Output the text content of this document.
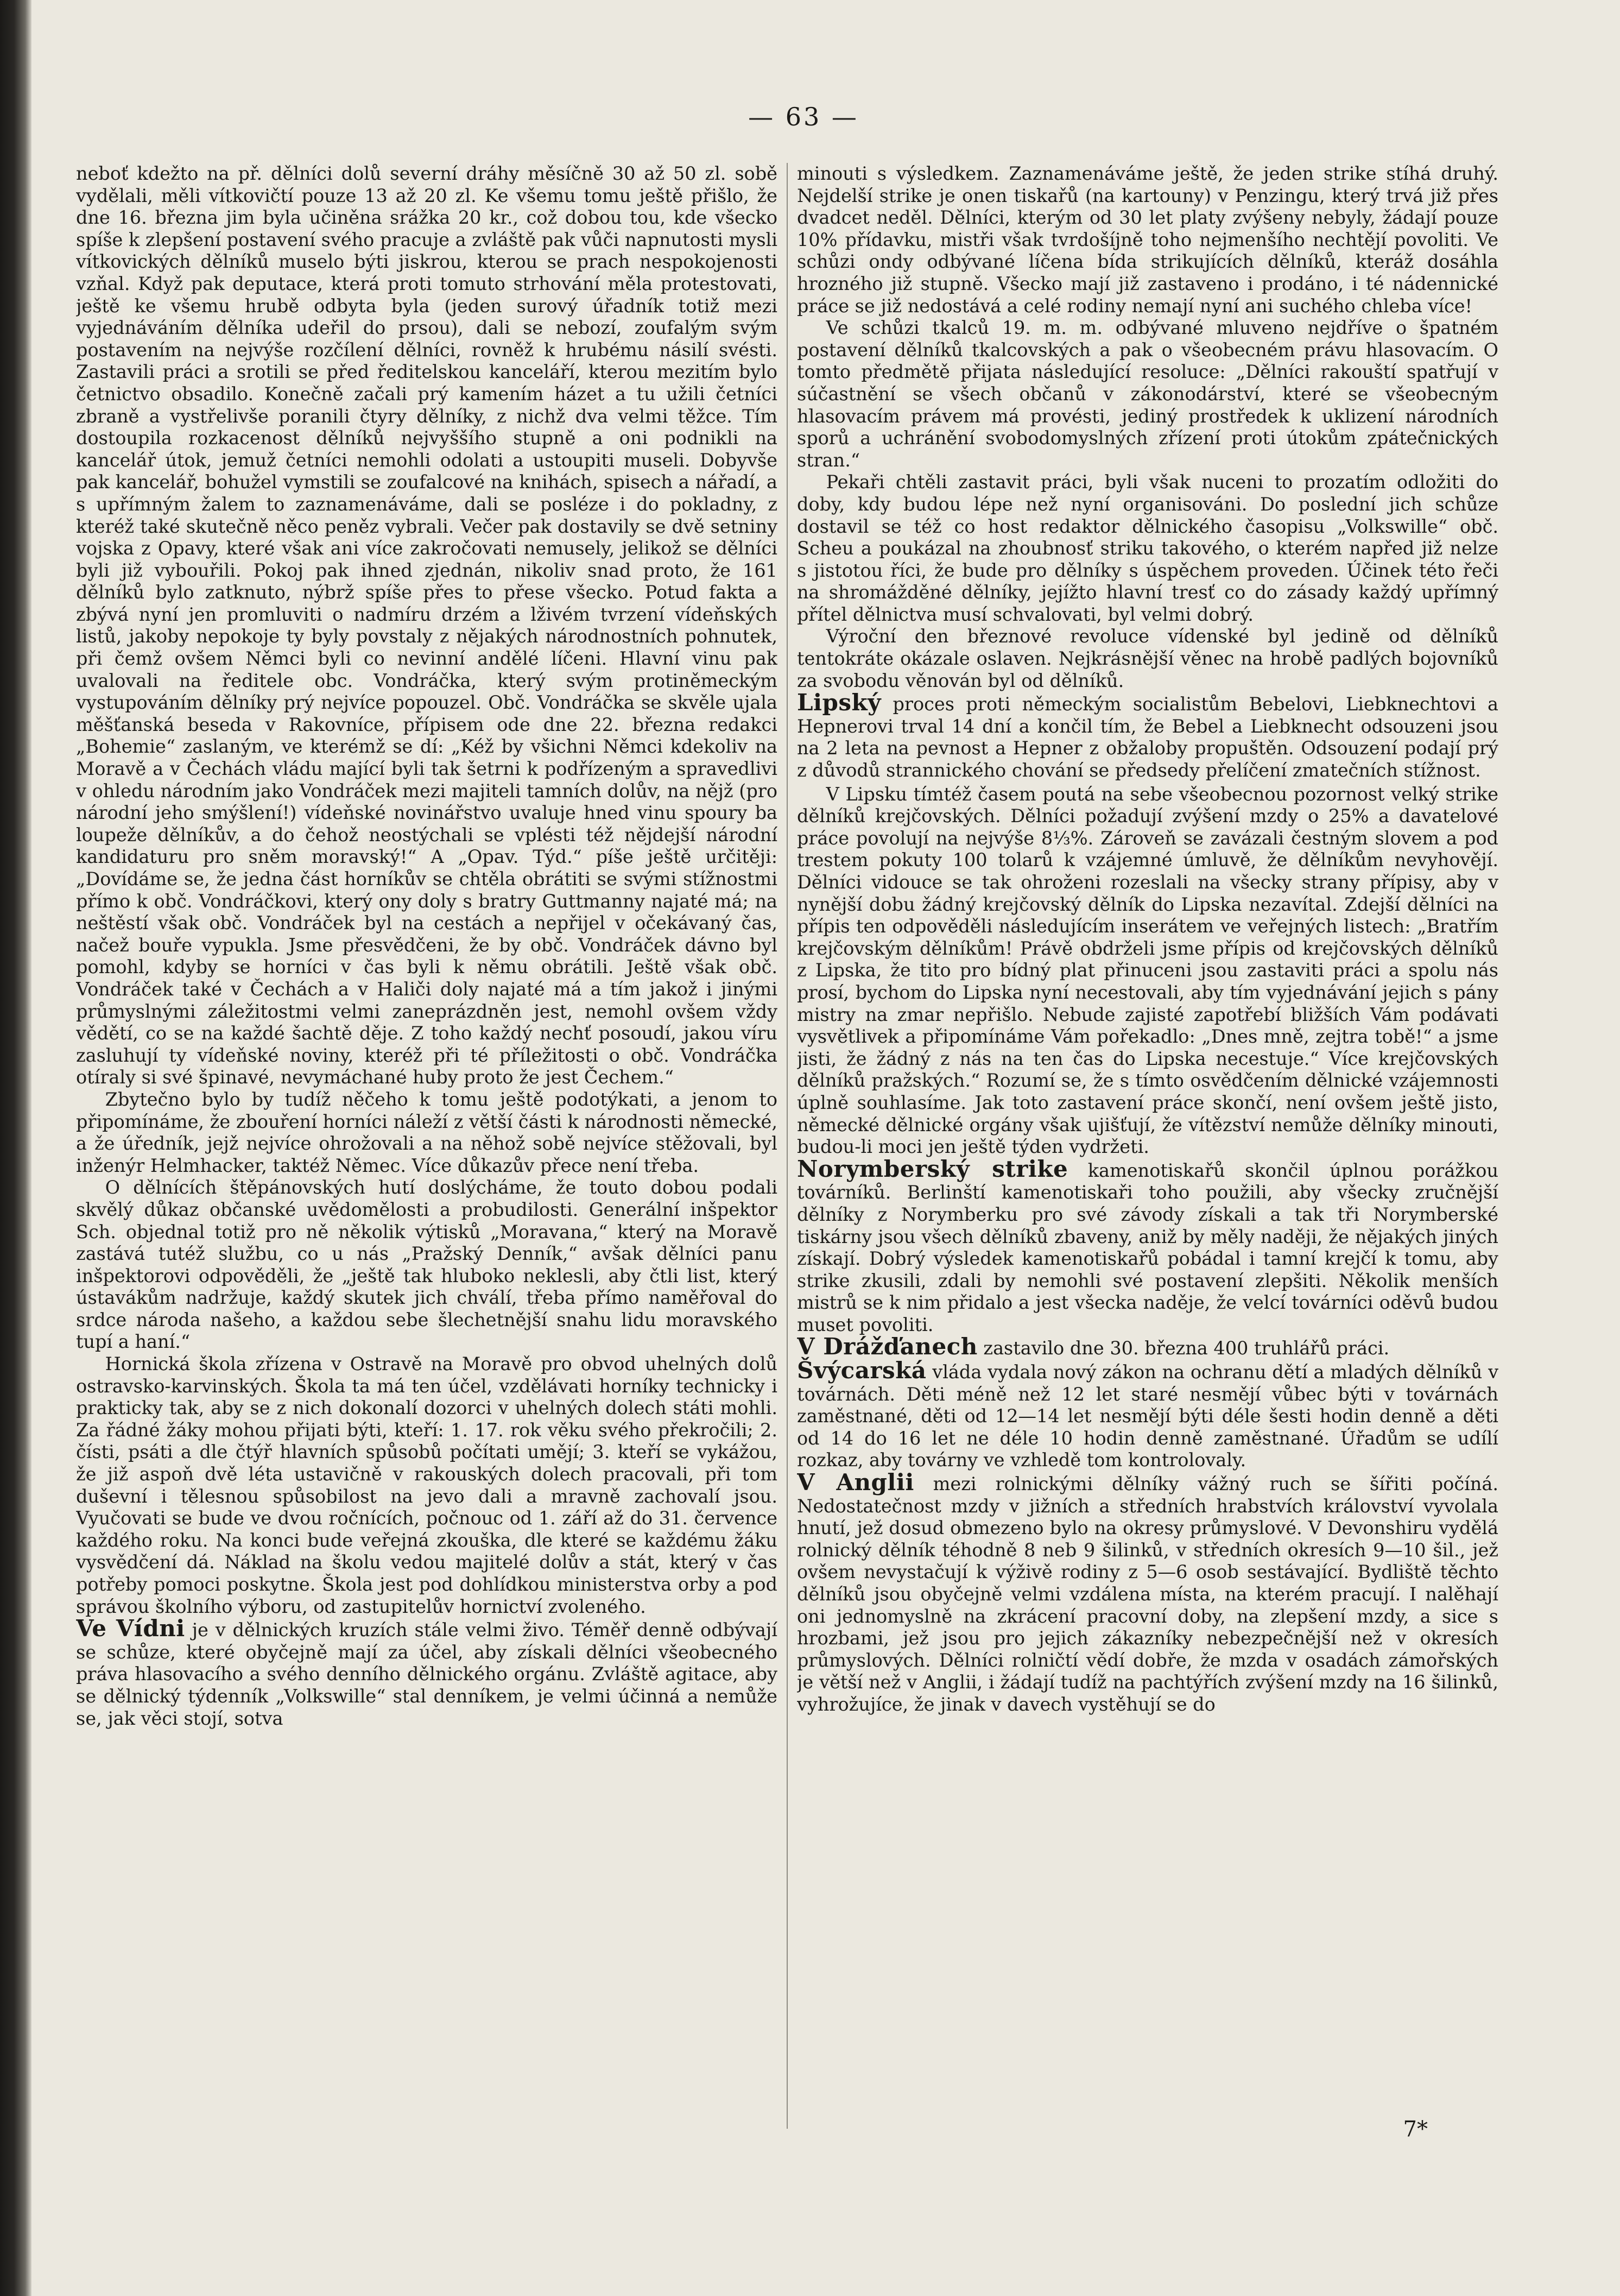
— 63 —

neboť kdežto na př. dělníci dolů severní dráhy měsíčně 30 až 50 zl. sobě vydělali, měli vítkovičtí pouze 13 až 20 zl. Ke všemu tomu ještě přišlo, že dne 16. března jim byla učiněna srážka 20 kr., což dobou tou, kde všecko spíše k zlepšení postavení svého pracuje a zvláště pak vůči napnutosti mysli vítkovických dělníků muselo býti jiskrou, kterou se prach nespokojenosti vzňal. Když pak deputace, která proti tomuto strhování měla protestovati, ještě ke všemu hrubě odbyta byla (jeden surový úřadník totiž mezi vyjednáváním dělníka udeřil do prsou), dali se nebozí, zoufalým svým postavením na nejvýše rozčílení dělníci, rovněž k hrubému násilí svésti. Zastavili práci a srotili se před ředitelskou kanceláří, kterou mezitím bylo četnictvo obsadilo. Konečně začali prý kamením házet a tu užili četníci zbraně a vystřelivše poranili čtyry dělníky, z nichž dva velmi těžce. Tím dostoupila rozkacenost dělníků nejvyššího stupně a oni podnikli na kancelář útok, jemuž četníci nemohli odolati a ustoupiti museli. Dobyvše pak kancelář, bohužel vymstili se zoufalcové na knihách, spisech a nářadí, a s upřímným žalem to zaznamenáváme, dali se posléze i do pokladny, z kteréž také skutečně něco peněz vybrali. Večer pak dostavily se dvě setniny vojska z Opavy, které však ani více zakročovati nemusely, jelikož se dělníci byli již vybouřili. Pokoj pak ihned zjednán, nikoliv snad proto, že 161 dělníků bylo zatknuto, nýbrž spíše přes to přese všecko. Potud fakta a zbývá nyní jen promluviti o nadmíru drzém a lživém tvrzení vídeňských listů, jakoby nepokoje ty byly povstaly z nějakých národnostních pohnutek, při čemž ovšem Němci byli co nevinní andělé líčeni. Hlavní vinu pak uvalovali na ředitele obc. Vondráčka, který svým protiněmeckým vystupováním dělníky prý nejvíce popouzel. Obč. Vondráčka se skvěle ujala měšťanská beseda v Rakovníce, přípisem ode dne 22. března redakci „Bohemie“ zaslaným, ve kterémž se dí: „Kéž by všichni Němci kdekoliv na Moravě a v Čechách vládu mající byli tak šetrni k podřízeným a spravedlivi v ohledu národním jako Vondráček mezi majiteli tamních dolův, na nějž (pro národní jeho smýšlení!) vídeňské novinářstvo uvaluje hned vinu spoury ba loupeže dělníkův, a do čehož neostýchali se vplésti též nějdejší národní kandidaturu pro sněm moravský!“ A „Opav. Týd.“ píše ještě určitěji: „Dovídáme se, že jedna část horníkův se chtěla obrátiti se svými stížnostmi přímo k obč. Vondráčkovi, který ony doly s bratry Guttmanny najaté má; na neštěstí však obč. Vondráček byl na cestách a nepřijel v očekávaný čas, načež bouře vypukla. Jsme přesvědčeni, že by obč. Vondráček dávno byl pomohl, kdyby se horníci v čas byli k němu obrátili. Ještě však obč. Vondráček také v Čechách a v Haliči doly najaté má a tím jakož i jinými průmyslnými záležitostmi velmi zaneprázdněn jest, nemohl ovšem vždy vědětí, co se na každé šachtě děje. Z toho každý nechť posoudí, jakou víru zasluhují ty vídeňské noviny, kteréž při té příležitosti o obč. Vondráčka otíraly si své špinavé, nevymáchané huby proto že jest Čechem.“

Zbytečno bylo by tudíž něčeho k tomu ještě podotýkati, a jenom to připomínáme, že zbouření horníci náleží z větší části k národnosti německé, a že úředník, jejž nejvíce ohrožovali a na něhož sobě nejvíce stěžovali, byl inženýr Helmhacker, taktéž Němec. Více důkazův přece není třeba.

O dělnících štěpánovských hutí doslýcháme, že touto dobou podali skvělý důkaz občanské uvědomělosti a probudilosti. Generální inšpektor Sch. objednal totiž pro ně několik výtisků „Moravana,“ který na Moravě zastává tutéž službu, co u nás „Pražský Denník,“ avšak dělníci panu inšpektorovi odpověděli, že „ještě tak hluboko neklesli, aby čtli list, který ústavákům nadržuje, každý skutek jich chválí, třeba přímo naměřoval do srdce národa našeho, a každou sebe šlechetnější snahu lidu moravského tupí a haní.“

Hornická škola zřízena v Ostravě na Moravě pro obvod uhelných dolů ostravsko-karvinských. Škola ta má ten účel, vzdělávati horníky technicky i prakticky tak, aby se z nich dokonalí dozorci v uhelných dolech státi mohli. Za řádné žáky mohou přijati býti, kteří: 1. 17. rok věku svého překročili; 2. čísti, psáti a dle čtýř hlavních spůsobů počítati umějí; 3. kteří se vykážou, že již aspoň dvě léta ustavičně v rakouských dolech pracovali, při tom duševní i tělesnou spůsobilost na jevo dali a mravně zachovalí jsou. Vyučovati se bude ve dvou ročnících, počnouc od 1. září až do 31. července každého roku. Na konci bude veřejná zkouška, dle které se každému žáku vysvědčení dá. Náklad na školu vedou majitelé dolův a stát, který v čas potřeby pomoci poskytne. Škola jest pod dohlídkou ministerstva orby a pod správou školního výboru, od zastupitelův hornictví zvoleného.

Ve Vídni je v dělnických kruzích stále velmi živo. Téměř denně odbývají se schůze, které obyčejně mají za účel, aby získali dělníci všeobecného práva hlasovacího a svého denního dělnického orgánu. Zvláště agitace, aby se dělnický týdenník „Volkswille“ stal denníkem, je velmi účinná a nemůže se, jak věci stojí, sotva

minouti s výsledkem. Zaznamenáváme ještě, že jeden strike stíhá druhý. Nejdelší strike je onen tiskařů (na kartouny) v Penzingu, který trvá již přes dvadcet neděl. Dělníci, kterým od 30 let platy zvýšeny nebyly, žádají pouze 10% přídavku, mistři však tvrdošíjně toho nejmenšího nechtějí povoliti. Ve schůzi ondy odbývané líčena bída strikujících dělníků, kteráž dosáhla hrozného již stupně. Všecko mají již zastaveno i prodáno, i té nádennické práce se již nedostává a celé rodiny nemají nyní ani suchého chleba více!

Ve schůzi tkalců 19. m. m. odbývané mluveno nejdříve o špatném postavení dělníků tkalcovských a pak o všeobecném právu hlasovacím. O tomto předmětě přijata následující resoluce: „Dělníci rakouští spatřují v súčastnění se všech občanů v zákonodárství, které se všeobecným hlasovacím právem má provésti, jediný prostředek k uklizení národních sporů a uchránění svobodomyslných zřízení proti útokům zpátečnických stran.“

Pekaři chtěli zastavit práci, byli však nuceni to prozatím odložiti do doby, kdy budou lépe než nyní organisováni. Do poslední jich schůze dostavil se též co host redaktor dělnického časopisu „Volkswille“ obč. Scheu a poukázal na zhoubnosť striku takového, o kterém napřed již nelze s jistotou říci, že bude pro dělníky s úspěchem proveden. Účinek této řeči na shromážděné dělníky, jejížto hlavní tresť co do zásady každý upřímný přítel dělnictva musí schvalovati, byl velmi dobrý.

Výroční den březnové revoluce vídenské byl jedině od dělníků tentokráte okázale oslaven. Nejkrásnější věnec na hrobě padlých bojovníků za svobodu věnován byl od dělníků.

Lipský proces proti německým socialistům Bebelovi, Liebknechtovi a Hepnerovi trval 14 dní a končil tím, že Bebel a Liebknecht odsouzeni jsou na 2 leta na pevnost a Hepner z obžaloby propuštěn. Odsouzení podají prý z důvodů strannického chování se předsedy přelíčení zmatečních stížnost.

V Lipsku tímtéž časem poutá na sebe všeobecnou pozornost velký strike dělníků krejčovských. Dělníci požadují zvýšení mzdy o 25% a davatelové práce povolují na nejvýše 8⅓%. Zároveň se zavázali čestným slovem a pod trestem pokuty 100 tolarů k vzájemné úmluvě, že dělníkům nevyhovějí. Dělníci vidouce se tak ohroženi rozeslali na všecky strany přípisy, aby v nynější dobu žádný krejčovský dělník do Lipska nezavítal. Zdejší dělníci na přípis ten odpověděli následujícím inserátem ve veřejných listech: „Bratřím krejčovským dělníkům! Právě obdrželi jsme přípis od krejčovských dělníků z Lipska, že tito pro bídný plat přinuceni jsou zastaviti práci a spolu nás prosí, bychom do Lipska nyní necestovali, aby tím vyjednávání jejich s pány mistry na zmar nepřišlo. Nebude zajisté zapotřebí bližších Vám podávati vysvětlivek a připomínáme Vám pořekadlo: „Dnes mně, zejtra tobě!“ a jsme jisti, že žádný z nás na ten čas do Lipska necestuje.“ Více krejčovských dělníků pražských.“ Rozumí se, že s tímto osvědčením dělnické vzájemnosti úplně souhlasíme. Jak toto zastavení práce skončí, není ovšem ještě jisto, německé dělnické orgány však ujišťují, že vítězství nemůže dělníky minouti, budou-li moci jen ještě týden vydržeti.

Norymberský strike kamenotiskařů skončil úplnou porážkou továrníků. Berlinští kamenotiskaři toho použili, aby všecky zručnější dělníky z Norymberku pro své závody získali a tak tři Norymberské tiskárny jsou všech dělníků zbaveny, aniž by měly naději, že nějakých jiných získají. Dobrý výsledek kamenotiskařů pobádal i tamní krejčí k tomu, aby strike zkusili, zdali by nemohli své postavení zlepšiti. Několik menších mistrů se k nim přidalo a jest všecka naděje, že velcí továrníci oděvů budou muset povoliti.

V Drážďanech zastavilo dne 30. března 400 truhlářů práci.

Švýcarská vláda vydala nový zákon na ochranu dětí a mladých dělníků v továrnách. Děti méně než 12 let staré nesmějí vůbec býti v továrnách zaměstnané, děti od 12—14 let nesmějí býti déle šesti hodin denně a děti od 14 do 16 let ne déle 10 hodin denně zaměstnané. Úřadům se udílí rozkaz, aby továrny ve vzhledě tom kontrolovaly.

V Anglii mezi rolnickými dělníky vážný ruch se šířiti počíná. Nedostatečnost mzdy v jižních a středních hrabstvích království vyvolala hnutí, jež dosud obmezeno bylo na okresy průmyslové. V Devonshiru vydělá rolnický dělník téhodně 8 neb 9 šilinků, v středních okresích 9—10 šil., jež ovšem nevystačují k výživě rodiny z 5—6 osob sestávající. Bydliště těchto dělníků jsou obyčejně velmi vzdálena místa, na kterém pracují. I nalěhají oni jednomyslně na zkrácení pracovní doby, na zlepšení mzdy, a sice s hrozbami, jež jsou pro jejich zákazníky nebezpečnější než v okresích průmyslových. Dělníci rolničtí vědí dobře, že mzda v osadách zámořských je větší než v Anglii, i žádají tudíž na pachtýřích zvýšení mzdy na 16 šilinků, vyhrožujíce, že jinak v davech vystěhují se do

7*
